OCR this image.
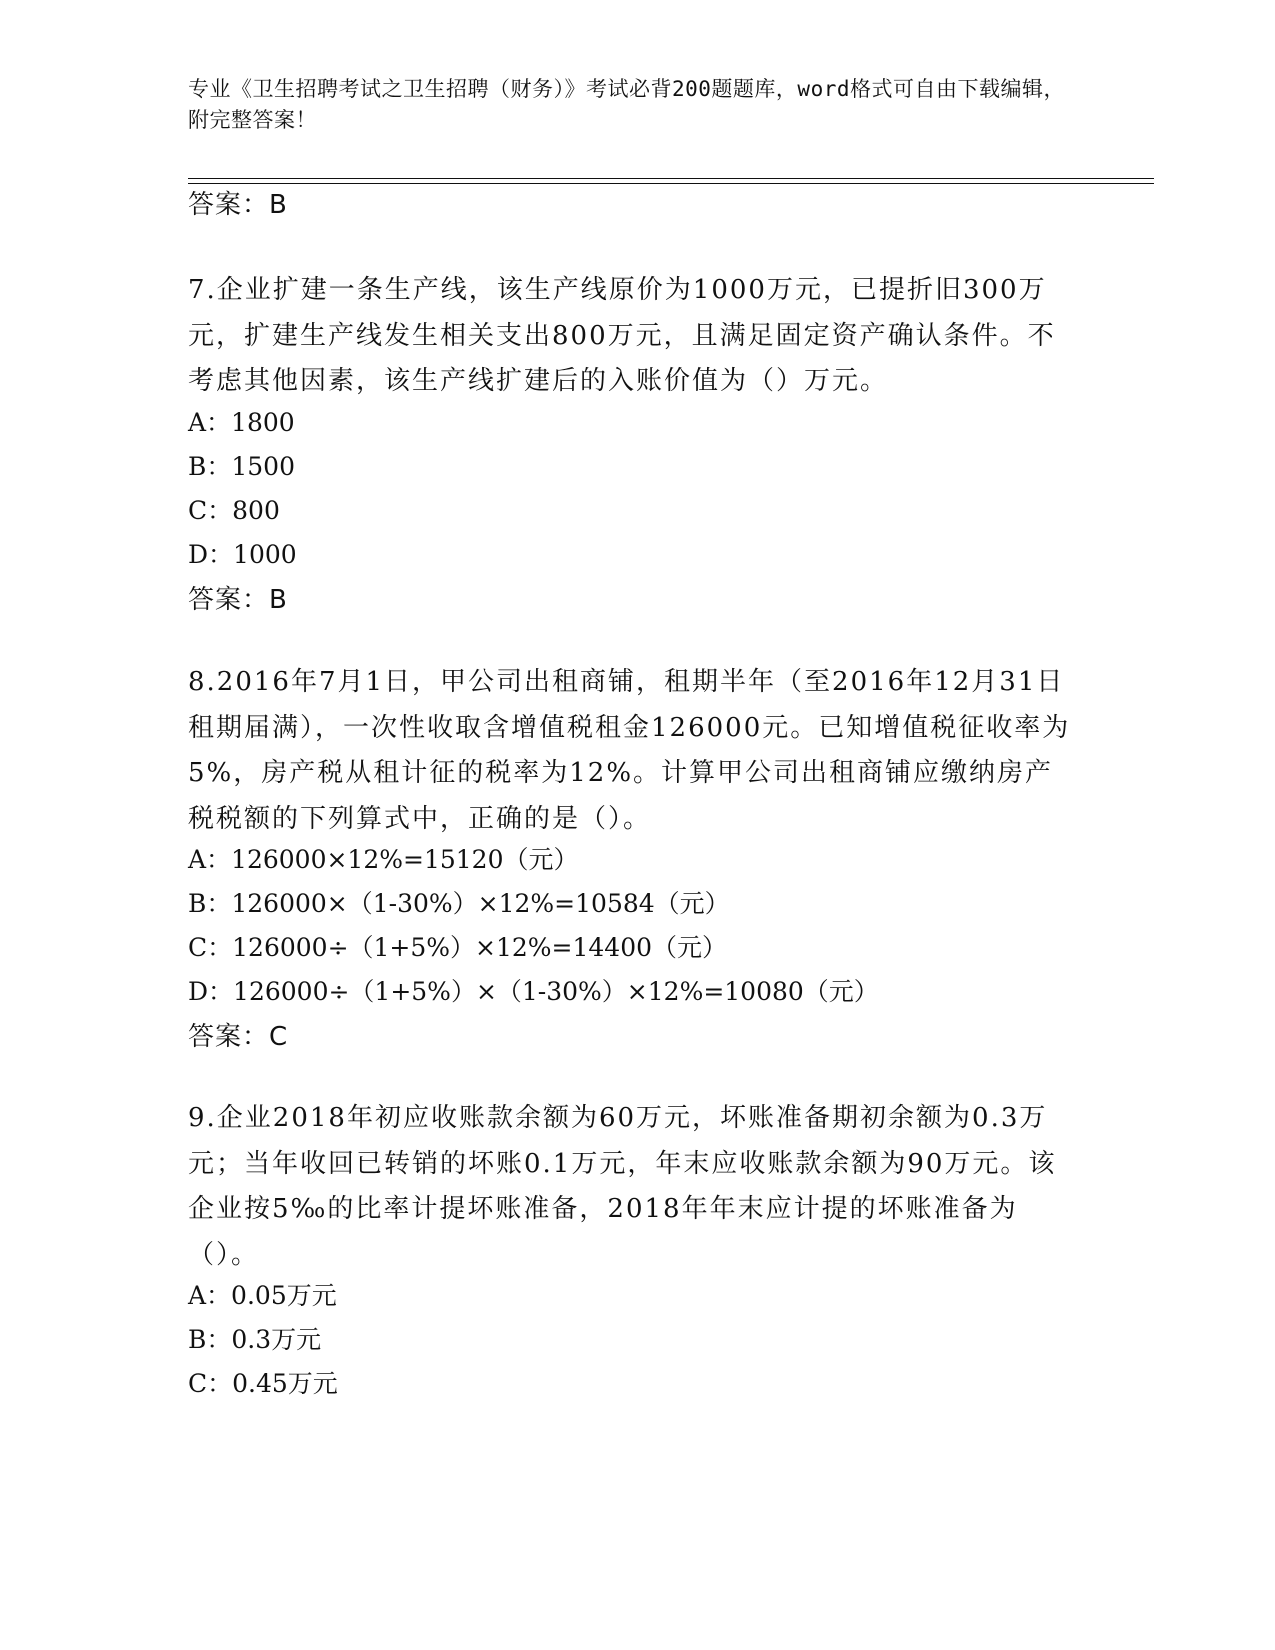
专业《卫生招聘考试之卫生招聘（财务）》考试必背200题题库，word格式可自由下载编辑，附完整答案！
答案：B
7.企业扩建一条生产线，该生产线原价为1000万元，已提折旧300万元，扩建生产线发生相关支出800万元，且满足固定资产确认条件。不考虑其他因素，该生产线扩建后的入账价值为（）万元。
A：1800
B：1500
C：800
D：1000
答案：B
8.2016年7月1日，甲公司出租商铺，租期半年（至2016年12月31日租期届满），一次性收取含增值税租金126000元。已知增值税征收率为5%，房产税从租计征的税率为12%。计算甲公司出租商铺应缴纳房产税税额的下列算式中，正确的是（）。
A：126000×12%=15120（元）
B：126000×（1-30%）×12%=10584（元）
C：126000÷（1+5%）×12%=14400（元）
D：126000÷（1+5%）×（1-30%）×12%=10080（元）
答案：C
9.企业2018年初应收账款余额为60万元，坏账准备期初余额为0.3万元；当年收回已转销的坏账0.1万元，年末应收账款余额为90万元。该企业按5‰的比率计提坏账准备，2018年年末应计提的坏账准备为（）。
A：0.05万元
B：0.3万元
C：0.45万元
